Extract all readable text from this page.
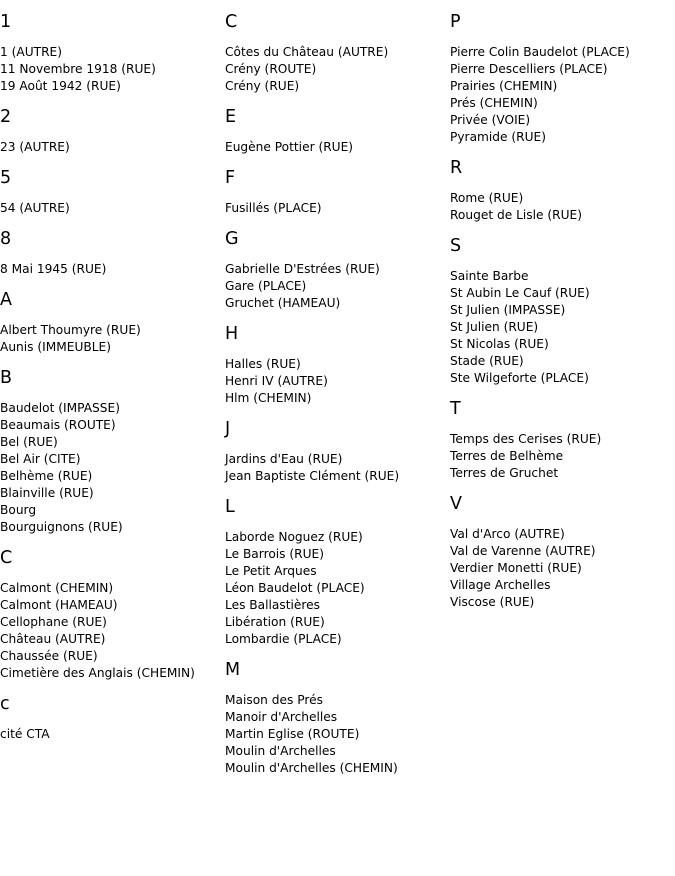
1
1 (AUTRE)
11 Novembre 1918 (RUE)
19 Août 1942 (RUE)
2
23 (AUTRE)
5
54 (AUTRE)
8
8 Mai 1945 (RUE)
A
Albert Thoumyre (RUE)
Aunis (IMMEUBLE)
B
Baudelot (IMPASSE)
Beaumais (ROUTE)
Bel (RUE)
Bel Air (CITE)
Belhème (RUE)
Blainville (RUE)
Bourg
Bourguignons (RUE)
C
Calmont (CHEMIN)
Calmont (HAMEAU)
Cellophane (RUE)
Château (AUTRE)
Chaussée (RUE)
Cimetière des Anglais (CHEMIN)
c
cité CTA
C
Côtes du Château (AUTRE)
Crény (ROUTE)
Crény (RUE)
E
Eugène Pottier (RUE)
F
Fusillés (PLACE)
G
Gabrielle D'Estrées (RUE)
Gare (PLACE)
Gruchet (HAMEAU)
H
Halles (RUE)
Henri IV (AUTRE)
Hlm (CHEMIN)
J
Jardins d'Eau (RUE)
Jean Baptiste Clément (RUE)
L
Laborde Noguez (RUE)
Le Barrois (RUE)
Le Petit Arques
Léon Baudelot (PLACE)
Les Ballastières
Libération (RUE)
Lombardie (PLACE)
M
Maison des Prés
Manoir d'Archelles
Martin Eglise (ROUTE)
Moulin d'Archelles
Moulin d'Archelles (CHEMIN)
P
Pierre Colin Baudelot (PLACE)
Pierre Descelliers (PLACE)
Prairies (CHEMIN)
Prés (CHEMIN)
Privée (VOIE)
Pyramide (RUE)
R
Rome (RUE)
Rouget de Lisle (RUE)
S
Sainte Barbe
St Aubin Le Cauf (RUE)
St Julien (IMPASSE)
St Julien (RUE)
St Nicolas (RUE)
Stade (RUE)
Ste Wilgeforte (PLACE)
T
Temps des Cerises (RUE)
Terres de Belhème
Terres de Gruchet
V
Val d'Arco (AUTRE)
Val de Varenne (AUTRE)
Verdier Monetti (RUE)
Village Archelles
Viscose (RUE)
